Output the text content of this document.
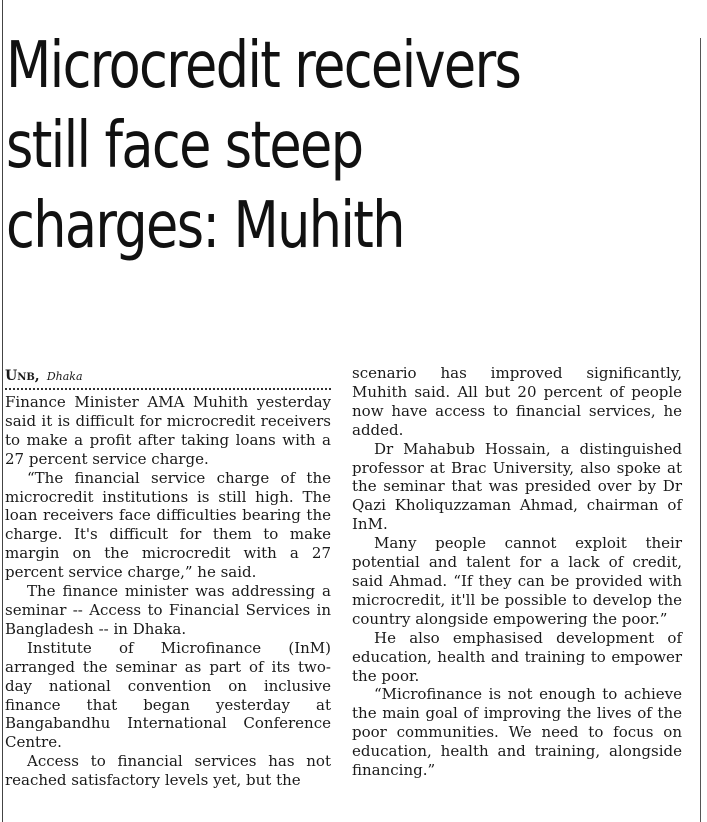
Microcredit receivers
still face steep
charges: Muhith
Unb, Dhaka

Finance Minister AMA Muhith yesterday said it is difficult for microcredit receivers to make a profit after taking loans with a 27 percent service charge.

“The financial service charge of the microcredit institutions is still high. The loan receivers face difficulties bearing the charge. It's difficult for them to make margin on the microcredit with a 27 percent service charge,” he said.

The finance minister was addressing a seminar -- Access to Financial Services in Bangladesh -- in Dhaka.

Institute of Microfinance (InM) arranged the seminar as part of its two-day national convention on inclusive finance that began yesterday at Bangabandhu International Conference Centre.

Access to financial services has not reached satisfactory levels yet, but the

scenario has improved significantly, Muhith said. All but 20 percent of people now have access to financial services, he added.

Dr Mahabub Hossain, a distinguished professor at Brac University, also spoke at the seminar that was presided over by Dr Qazi Kholiquzzaman Ahmad, chairman of InM.

Many people cannot exploit their potential and talent for a lack of credit, said Ahmad. “If they can be provided with microcredit, it'll be possible to develop the country alongside empowering the poor.”

He also emphasised development of education, health and training to empower the poor.

“Microfinance is not enough to achieve the main goal of improving the lives of the poor communities. We need to focus on education, health and training, alongside financing.”
